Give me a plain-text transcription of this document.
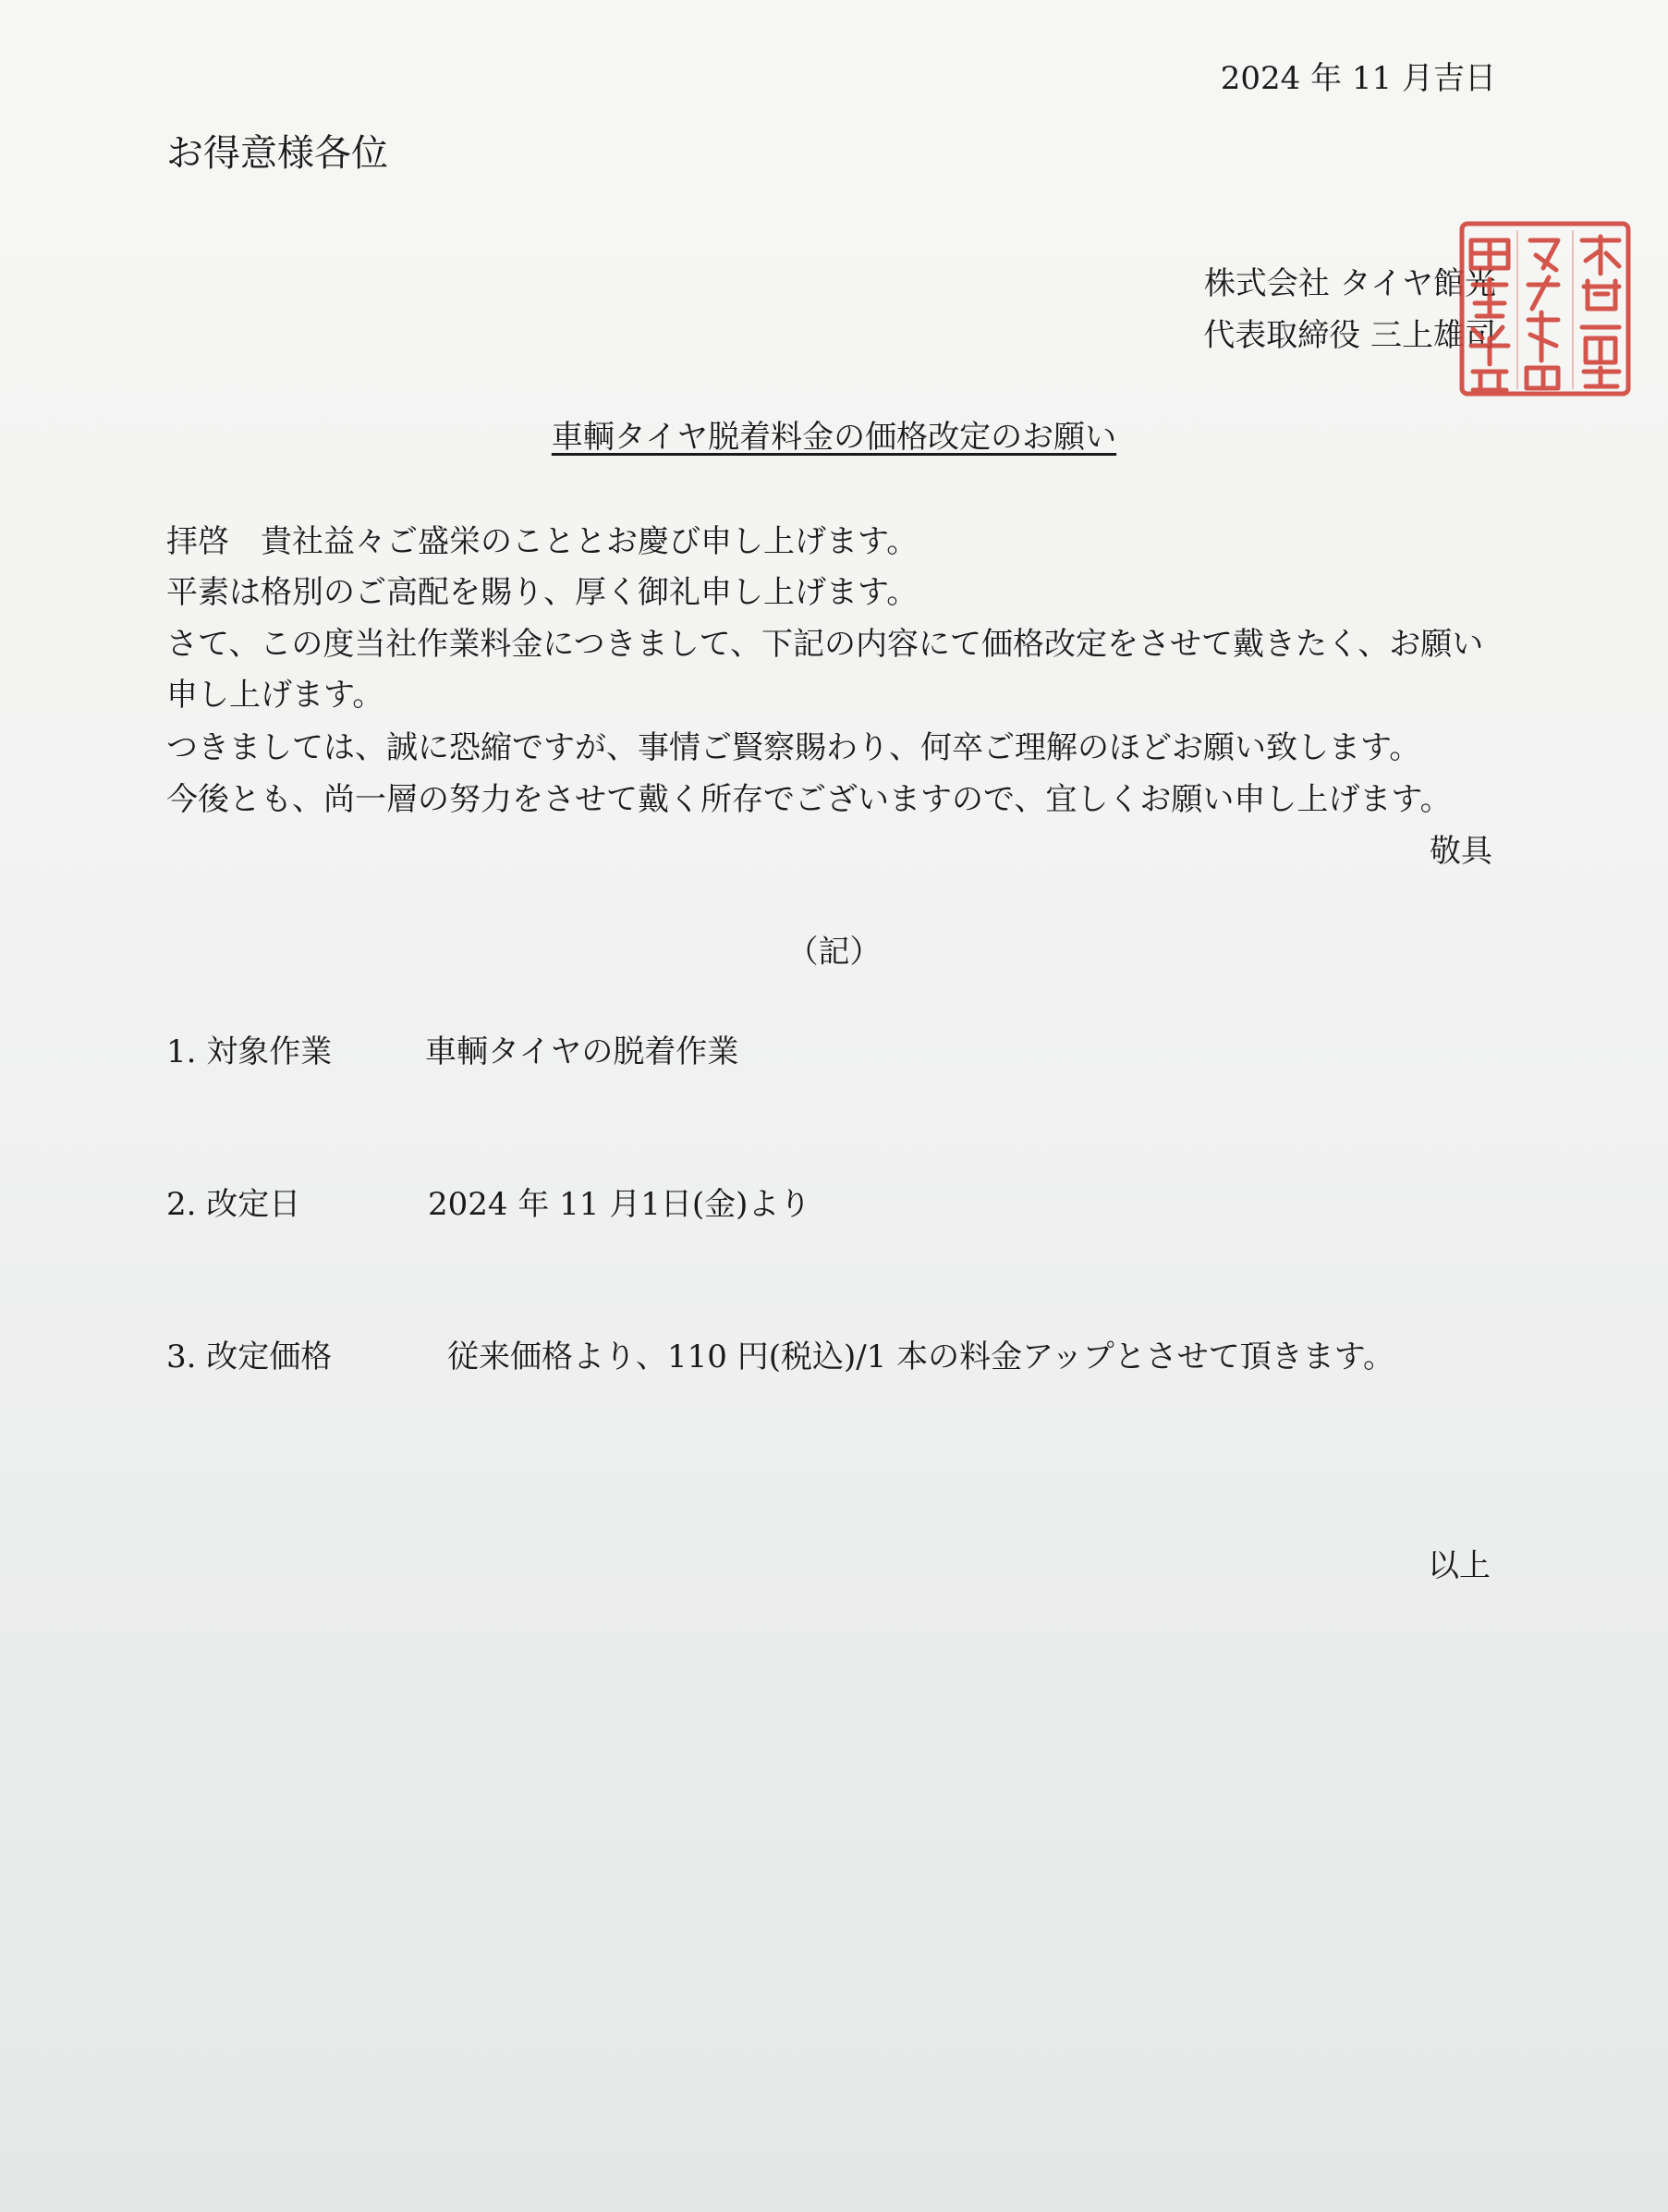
2024 年 11 月吉日
お得意様各位
株式会社 タイヤ館光
代表取締役 三上雄司
車輌タイヤ脱着料金の価格改定のお願い
拝啓　貴社益々ご盛栄のこととお慶び申し上げます。
平素は格別のご高配を賜り、厚く御礼申し上げます。
さて、この度当社作業料金につきまして、下記の内容にて価格改定をさせて戴きたく、お願い
申し上げます。
つきましては、誠に恐縮ですが、事情ご賢察賜わり、何卒ご理解のほどお願い致します。
今後とも、尚一層の努力をさせて戴く所存でございますので、宜しくお願い申し上げます。
敬具
（記）
1. 対象作業	車輌タイヤの脱着作業
2. 改定日	2024 年 11 月1日(金)より
3. 改定価格	従来価格より、110 円(税込)/1 本の料金アップとさせて頂きます。
以上
